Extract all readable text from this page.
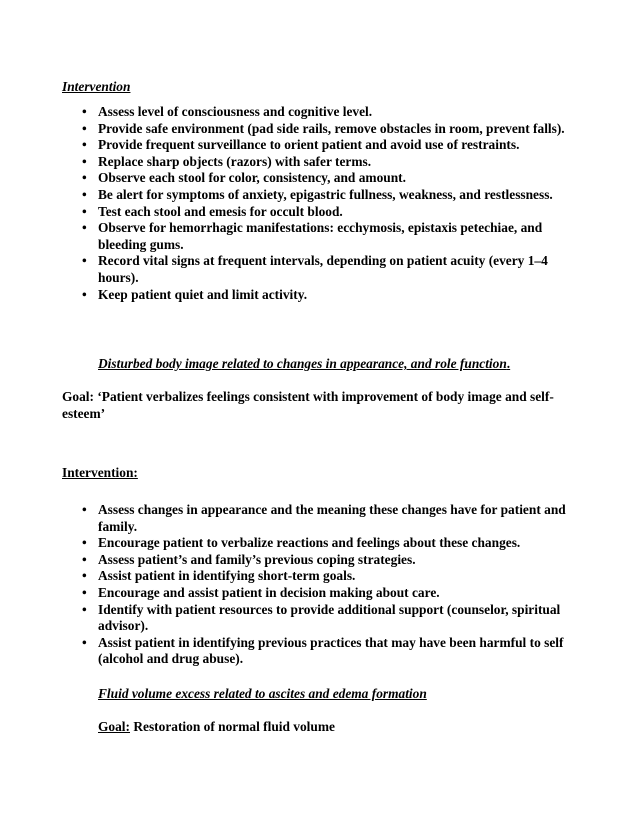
Intervention
• Assess level of consciousness and cognitive level.
• Provide safe environment (pad side rails, remove obstacles in room, prevent falls).
• Provide frequent surveillance to orient patient and avoid use of restraints.
• Replace sharp objects (razors) with safer terms.
• Observe each stool for color, consistency, and amount.
• Be alert for symptoms of anxiety, epigastric fullness, weakness, and restlessness.
• Test each stool and emesis for occult blood.
• Observe for hemorrhagic manifestations: ecchymosis, epistaxis petechiae, and bleeding gums.
• Record vital signs at frequent intervals, depending on patient acuity (every 1–4 hours).
• Keep patient quiet and limit activity.
Disturbed body image related to changes in appearance, and role function.
Goal: ‘Patient verbalizes feelings consistent with improvement of body image and self-esteem’
Intervention:
• Assess changes in appearance and the meaning these changes have for patient and family.
• Encourage patient to verbalize reactions and feelings about these changes.
• Assess patient’s and family’s previous coping strategies.
• Assist patient in identifying short-term goals.
• Encourage and assist patient in decision making about care.
• Identify with patient resources to provide additional support (counselor, spiritual advisor).
• Assist patient in identifying previous practices that may have been harmful to self (alcohol and drug abuse).
Fluid volume excess related to ascites and edema formation
Goal: Restoration of normal fluid volume
